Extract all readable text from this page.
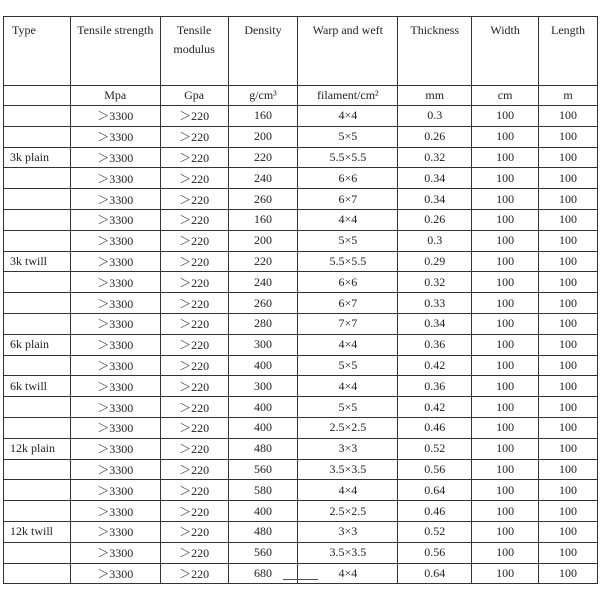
Type	Tensile strength	Tensile modulus	Density	Warp and weft	Thickness	Width	Length
	Mpa	Gpa	g/cm³	filament/cm²	mm	cm	m
	＞3300	＞220	160	4×4	0.3	100	100
	＞3300	＞220	200	5×5	0.26	100	100
3k plain	＞3300	＞220	220	5.5×5.5	0.32	100	100
	＞3300	＞220	240	6×6	0.34	100	100
	＞3300	＞220	260	6×7	0.34	100	100
	＞3300	＞220	160	4×4	0.26	100	100
	＞3300	＞220	200	5×5	0.3	100	100
3k twill	＞3300	＞220	220	5.5×5.5	0.29	100	100
	＞3300	＞220	240	6×6	0.32	100	100
	＞3300	＞220	260	6×7	0.33	100	100
	＞3300	＞220	280	7×7	0.34	100	100
6k plain	＞3300	＞220	300	4×4	0.36	100	100
	＞3300	＞220	400	5×5	0.42	100	100
6k twill	＞3300	＞220	300	4×4	0.36	100	100
	＞3300	＞220	400	5×5	0.42	100	100
	＞3300	＞220	400	2.5×2.5	0.46	100	100
12k plain	＞3300	＞220	480	3×3	0.52	100	100
	＞3300	＞220	560	3.5×3.5	0.56	100	100
	＞3300	＞220	580	4×4	0.64	100	100
	＞3300	＞220	400	2.5×2.5	0.46	100	100
12k twill	＞3300	＞220	480	3×3	0.52	100	100
	＞3300	＞220	560	3.5×3.5	0.56	100	100
	＞3300	＞220	680	4×4	0.64	100	100
